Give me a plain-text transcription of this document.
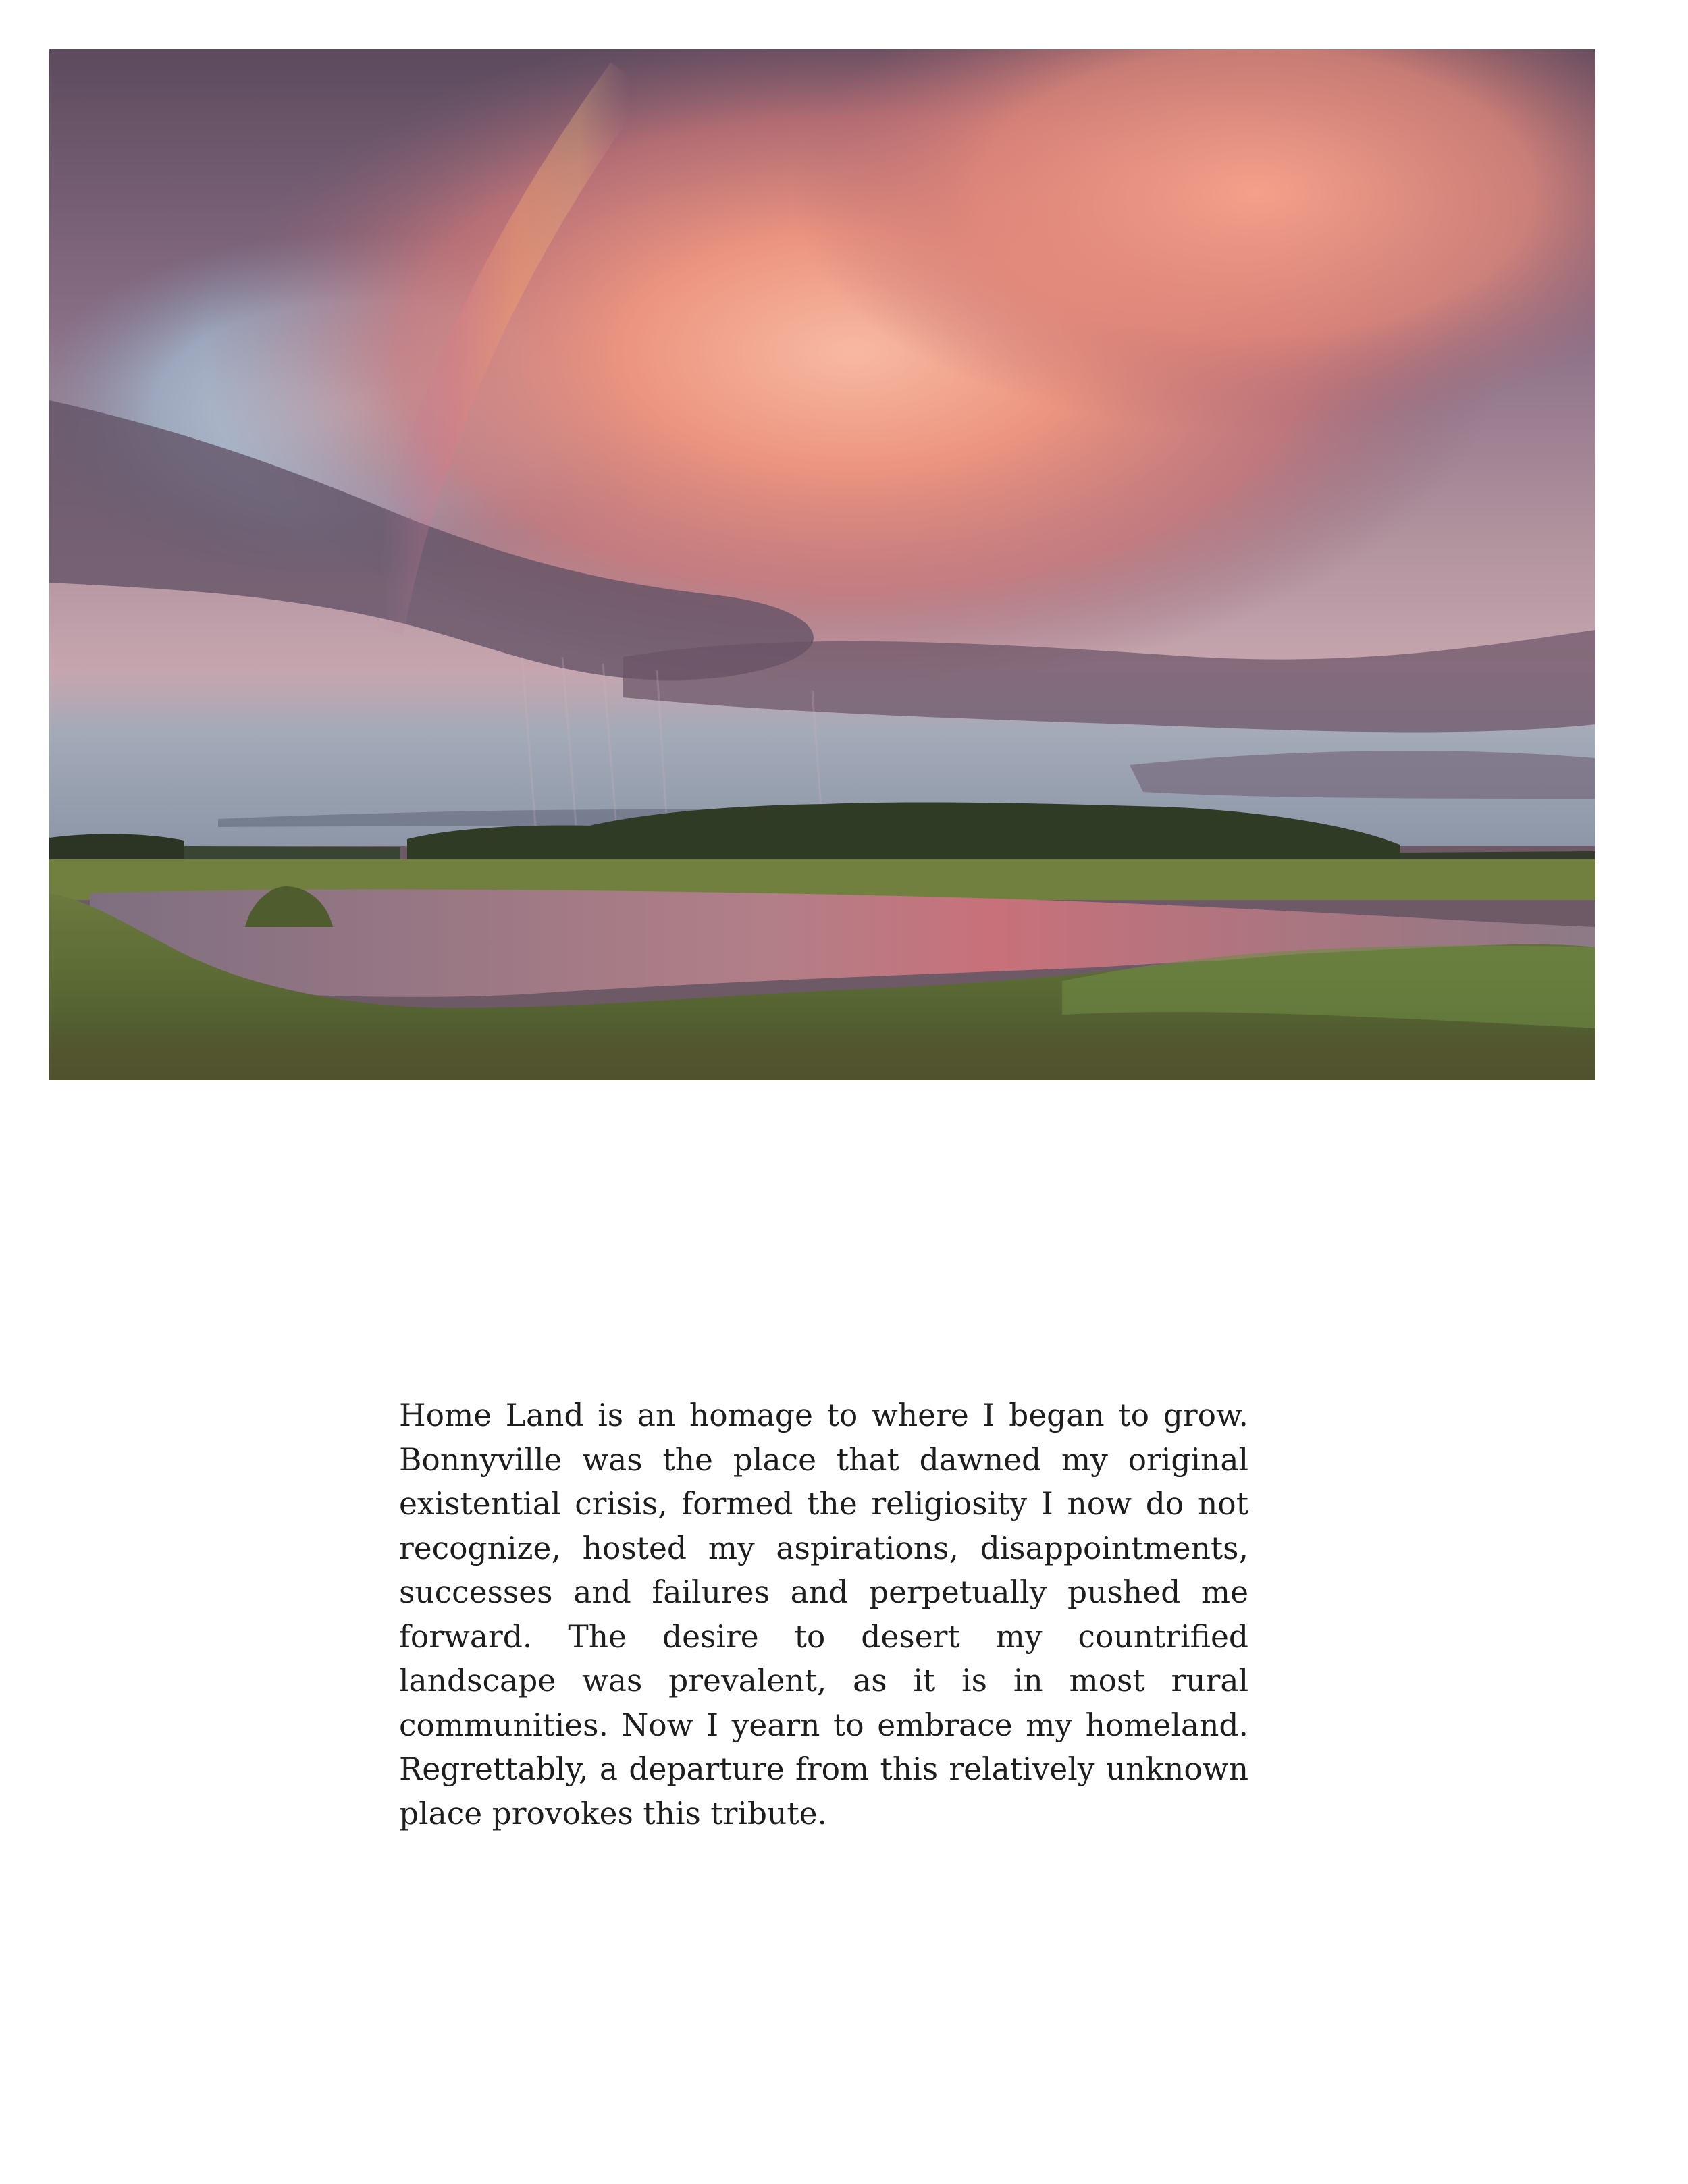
Home Land is an homage to where I began to grow. Bonnyville was the place that dawned my original existential crisis, formed the religiosity I now do not recognize, hosted my aspirations, disappointments, successes and failures and perpetually pushed me forward. The desire to desert my countrified landscape was prevalent, as it is in most rural communities. Now I yearn to embrace my homeland. Regrettably, a departure from this relatively unknown place provokes this tribute.
